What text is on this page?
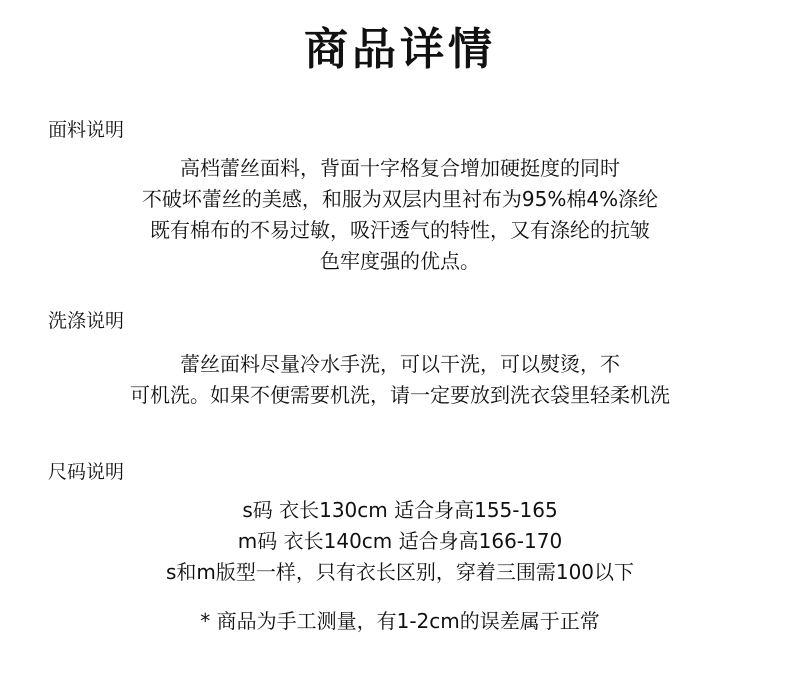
商品详情
面料说明
高档蕾丝面料，背面十字格复合增加硬挺度的同时
不破坏蕾丝的美感，和服为双层内里衬布为95%棉4%涤纶
既有棉布的不易过敏，吸汗透气的特性，又有涤纶的抗皱
色牢度强的优点。
洗涤说明
蕾丝面料尽量冷水手洗，可以干洗，可以熨烫，不
可机洗。如果不便需要机洗，请一定要放到洗衣袋里轻柔机洗
尺码说明
s码 衣长130cm 适合身高155-165
m码 衣长140cm 适合身高166-170
s和m版型一样，只有衣长区别，穿着三围需100以下
* 商品为手工测量，有1-2cm的误差属于正常
